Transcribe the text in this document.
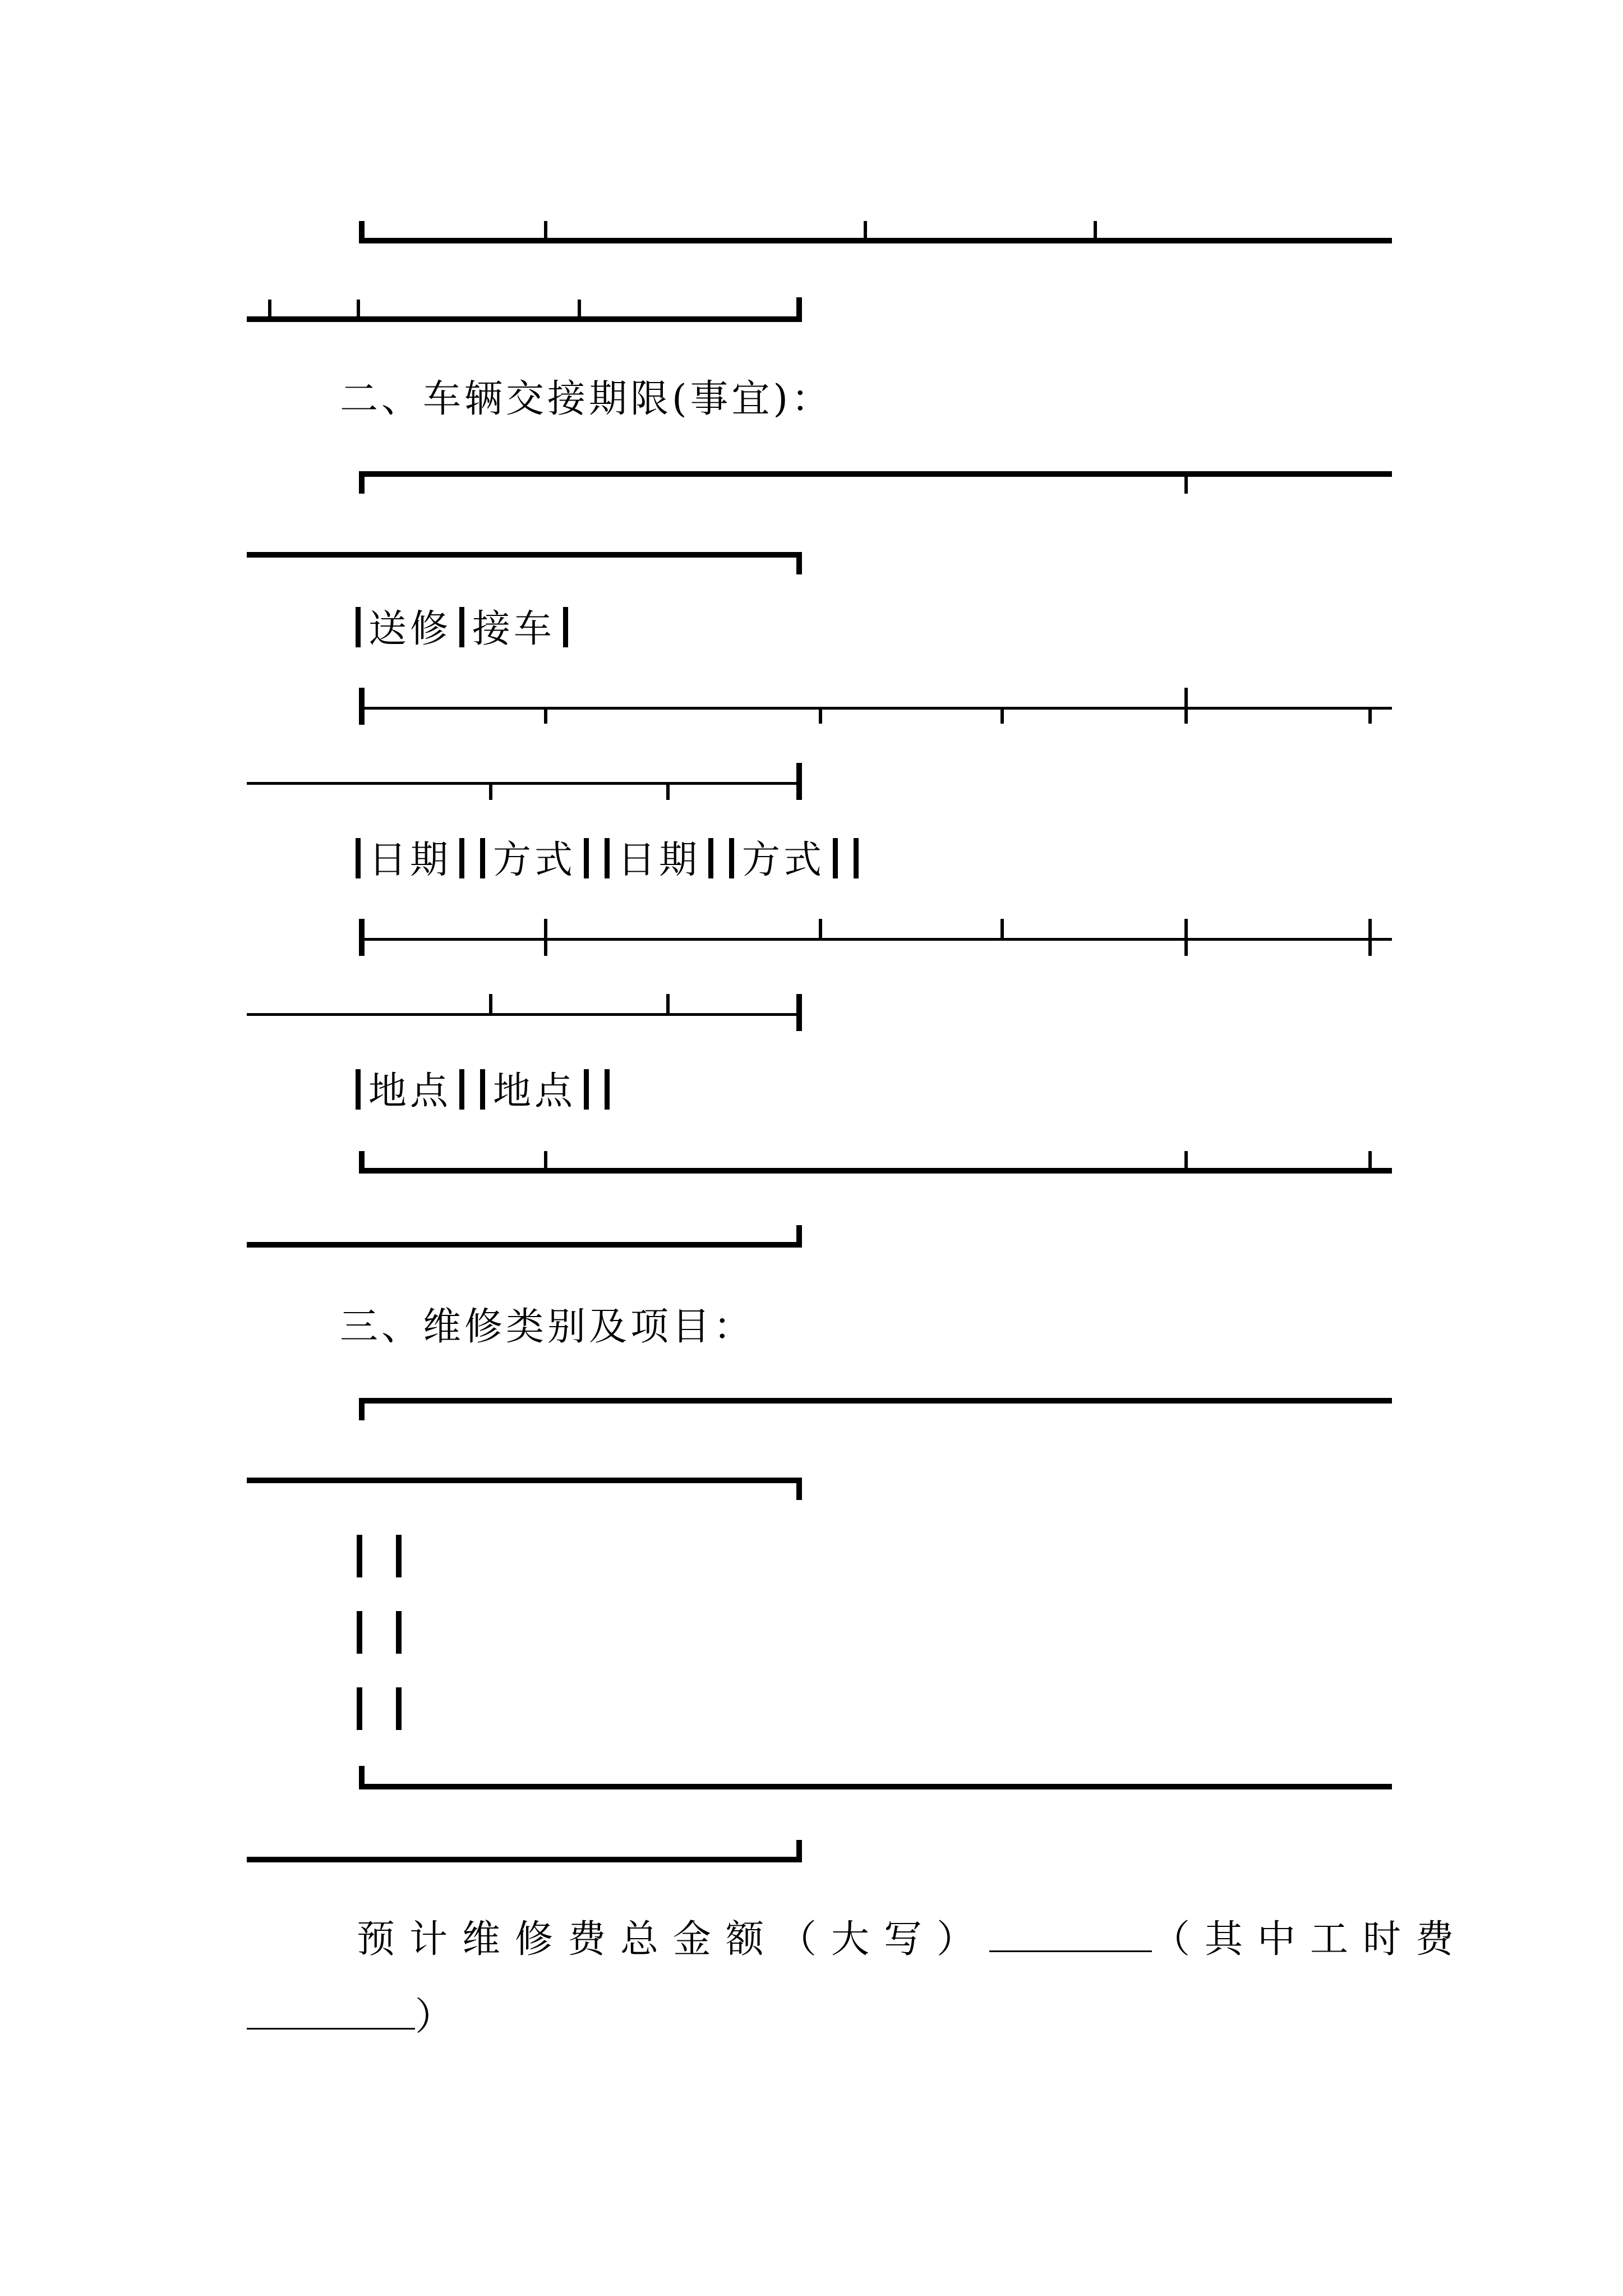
二、车辆交接期限(事宜)：
送修 接车
日期 方式 日期 方式
地点 地点
三、维修类别及项目：
预计维修费总金额（大写）	（其中工时费
）
